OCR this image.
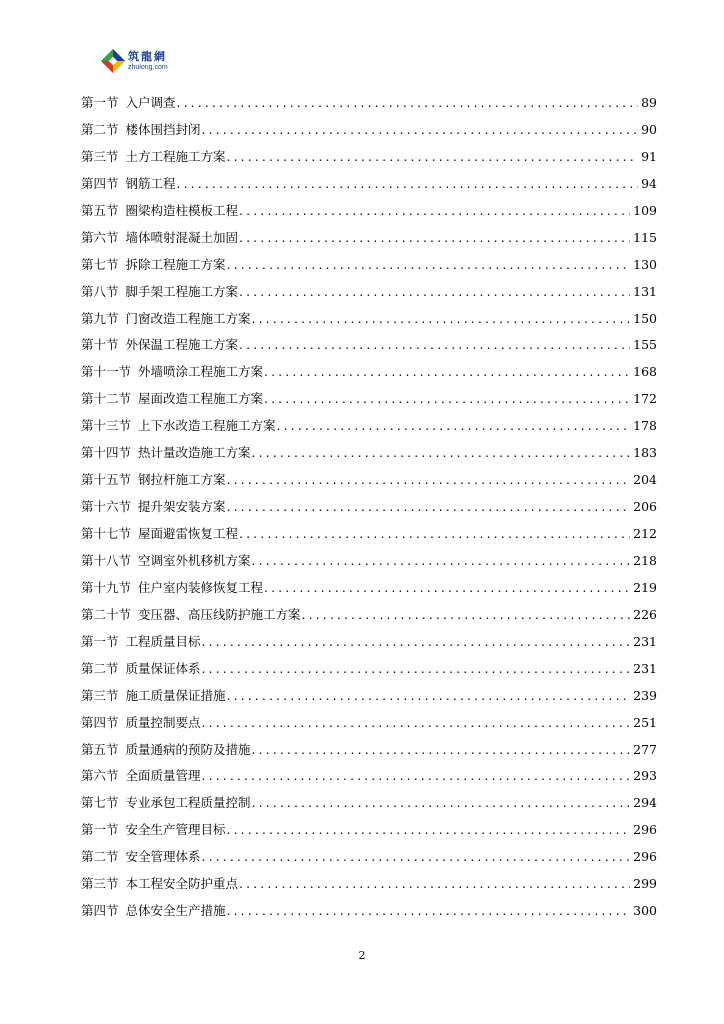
筑龍網
zhulong.com
第一节 入户调查 .....	89
第二节 楼体围挡封闭 .....	90
第三节 土方工程施工方案 .....	91
第四节 钢筋工程 .....	94
第五节 圈梁构造柱模板工程 .....	109
第六节 墙体喷射混凝土加固 .....	115
第七节 拆除工程施工方案 .....	130
第八节 脚手架工程施工方案 .....	131
第九节 门窗改造工程施工方案 .....	150
第十节 外保温工程施工方案 .....	155
第十一节 外墙喷涂工程施工方案 .....	168
第十二节 屋面改造工程施工方案 .....	172
第十三节 上下水改造工程施工方案 .....	178
第十四节 热计量改造施工方案 .....	183
第十五节 钢拉杆施工方案 .....	204
第十六节 提升架安装方案 .....	206
第十七节 屋面避雷恢复工程 .....	212
第十八节 空调室外机移机方案 .....	218
第十九节 住户室内装修恢复工程 .....	219
第二十节 变压器、高压线防护施工方案 .....	226
第一节 工程质量目标 .....	231
第二节 质量保证体系 .....	231
第三节 施工质量保证措施 .....	239
第四节 质量控制要点 .....	251
第五节 质量通病的预防及措施 .....	277
第六节 全面质量管理 .....	293
第七节 专业承包工程质量控制 .....	294
第一节 安全生产管理目标 .....	296
第二节 安全管理体系 .....	296
第三节 本工程安全防护重点 .....	299
第四节 总体安全生产措施 .....	300
2
